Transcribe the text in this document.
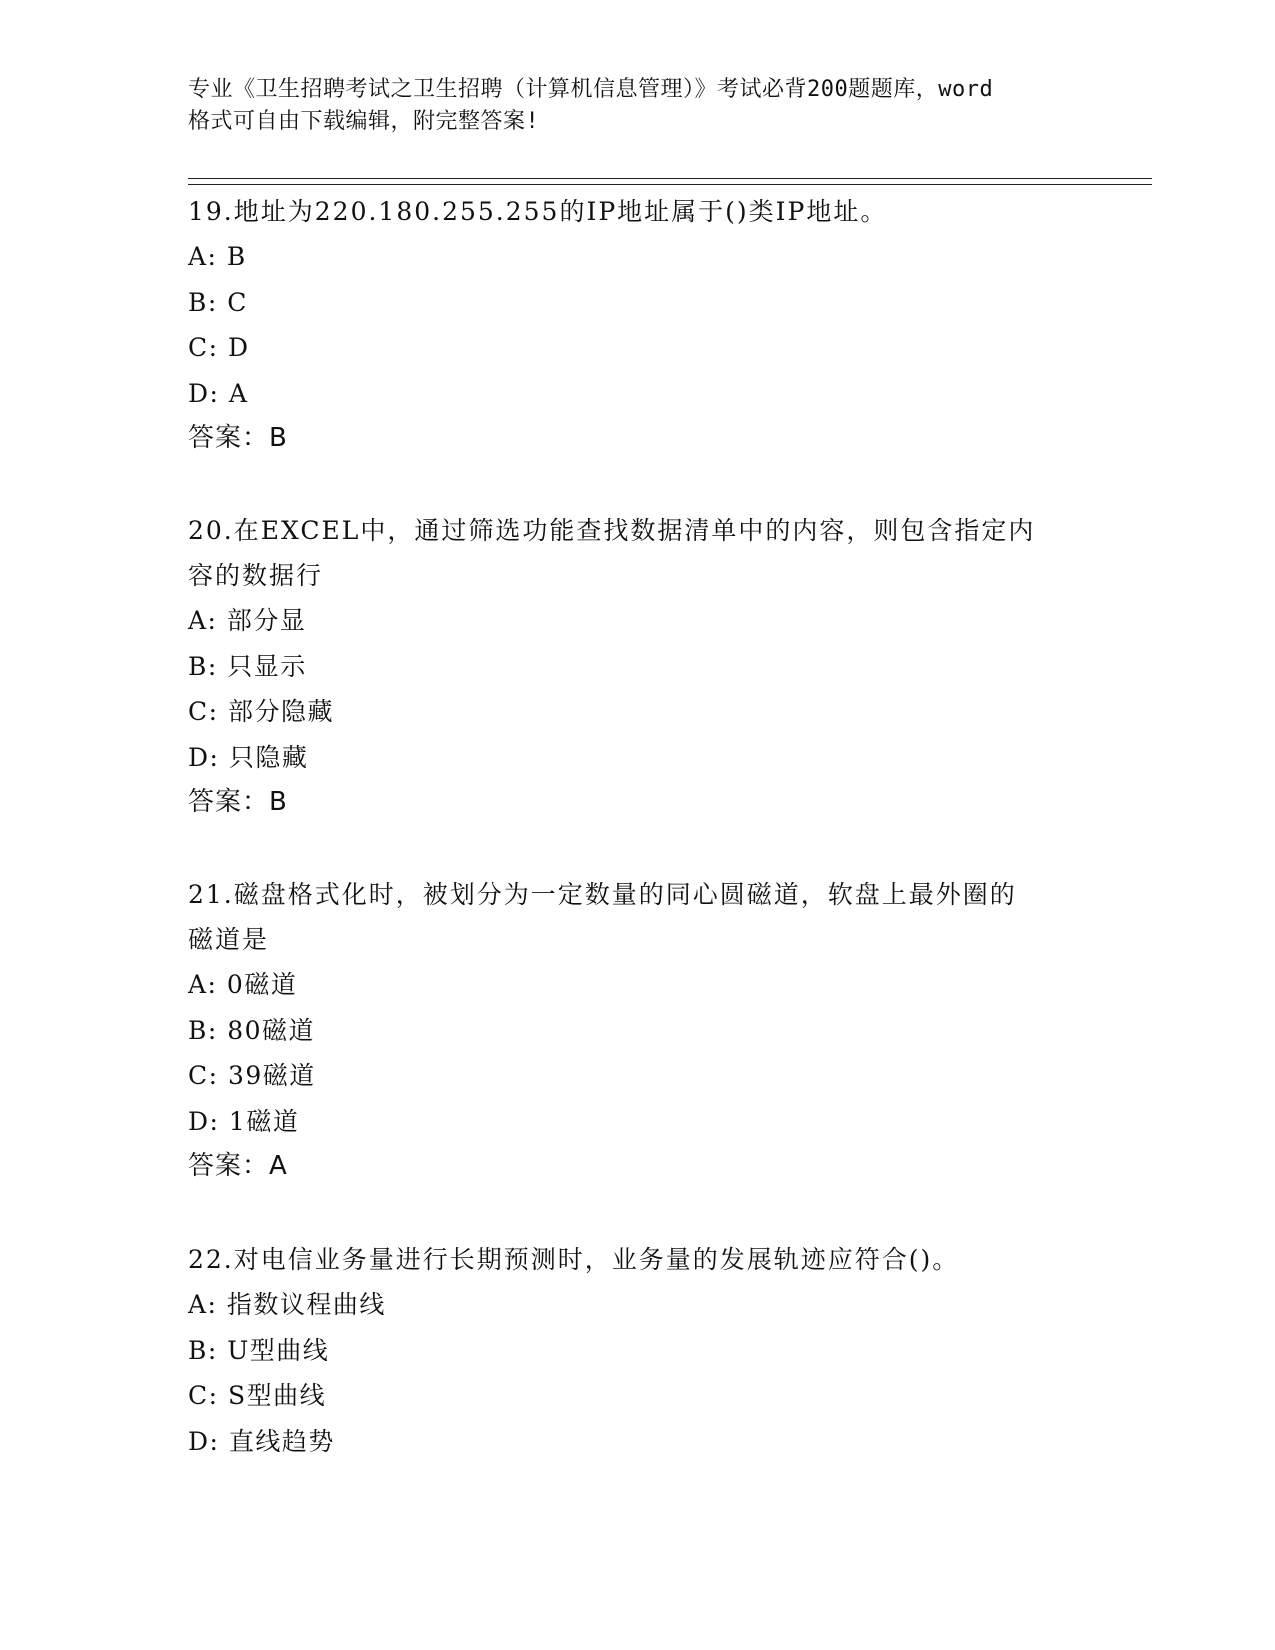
专业《卫生招聘考试之卫生招聘（计算机信息管理）》考试必背200题题库，word
格式可自由下载编辑，附完整答案!
19.地址为220.180.255.255的IP地址属于()类IP地址。
A: B
B: C
C: D
D: A
答案：B
20.在EXCEL中，通过筛选功能查找数据清单中的内容，则包含指定内
容的数据行
A: 部分显
B: 只显示
C: 部分隐藏
D: 只隐藏
答案：B
21.磁盘格式化时，被划分为一定数量的同心圆磁道，软盘上最外圈的
磁道是
A: 0磁道
B: 80磁道
C: 39磁道
D: 1磁道
答案：A
22.对电信业务量进行长期预测时，业务量的发展轨迹应符合()。
A: 指数议程曲线
B: U型曲线
C: S型曲线
D: 直线趋势
